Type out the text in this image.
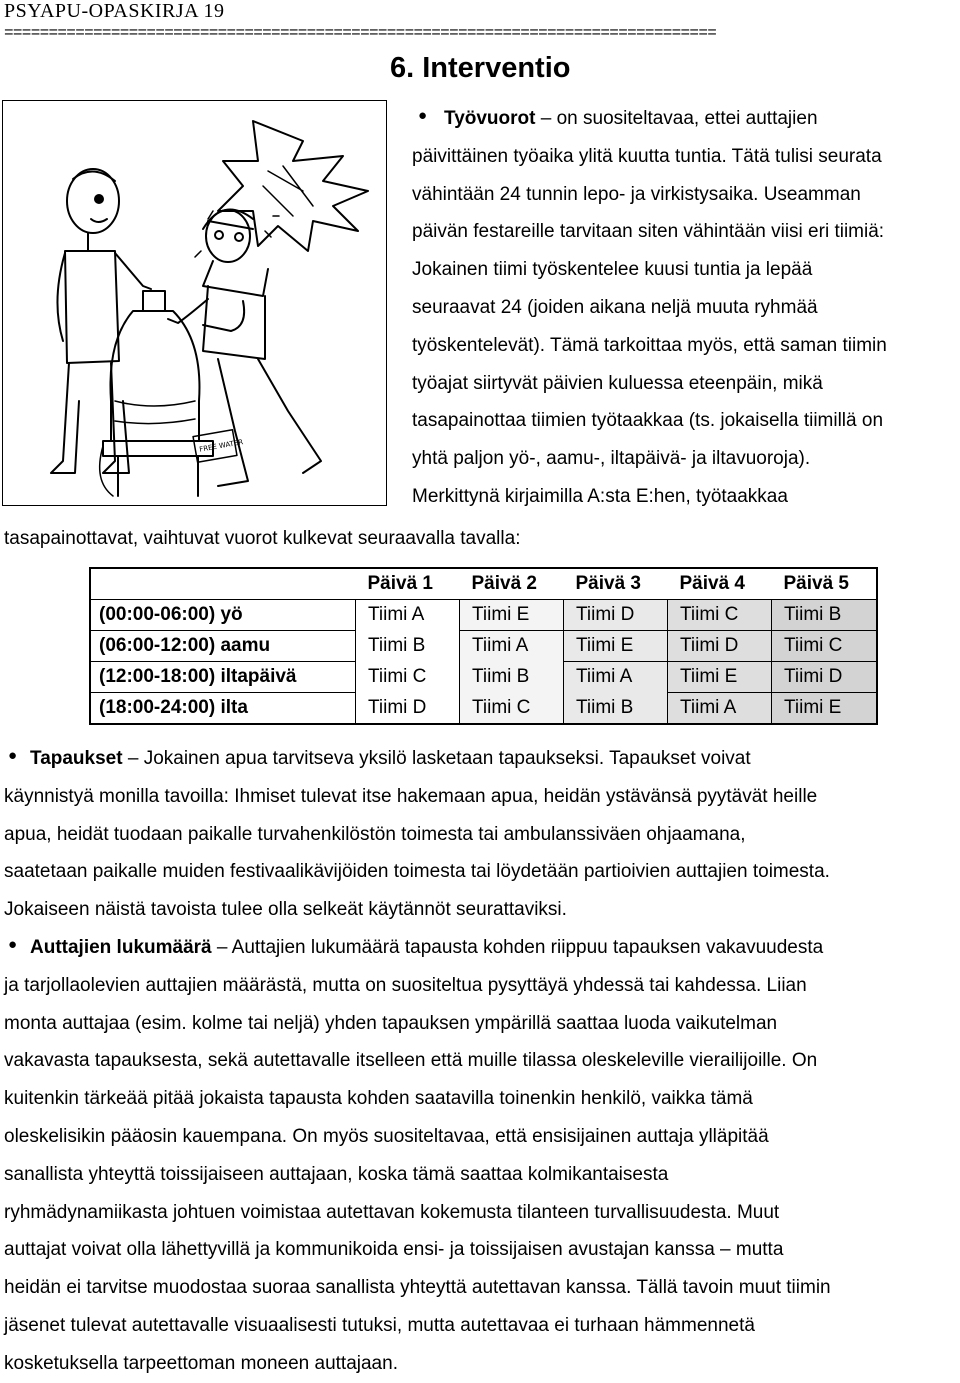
PSYAPU-OPASKIRJA 19
================================================================================
6. Interventio
FREE WATER
● Työvuorot – on suositeltavaa, ettei auttajien

päivittäinen työaika ylitä kuutta tuntia. Tätä tulisi seurata

vähintään 24 tunnin lepo- ja virkistysaika. Useamman

päivän festareille tarvitaan siten vähintään viisi eri tiimiä:

Jokainen tiimi työskentelee kuusi tuntia ja lepää

seuraavat 24 (joiden aikana neljä muuta ryhmää

työskentelevät). Tämä tarkoittaa myös, että saman tiimin

työajat siirtyvät päivien kuluessa eteenpäin, mikä

tasapainottaa tiimien työtaakkaa (ts. jokaisella tiimillä on

yhtä paljon yö-, aamu-, iltapäivä- ja iltavuoroja).

Merkittynä kirjaimilla A:sta E:hen, työtaakkaa

tasapainottavat, vaihtuvat vuorot kulkevat seuraavalla tavalla:
	Päivä 1	Päivä 2	Päivä 3	Päivä 4	Päivä 5
(00:00-06:00) yö	Tiimi A	Tiimi E	Tiimi D	Tiimi C	Tiimi B
(06:00-12:00) aamu	Tiimi B	Tiimi A	Tiimi E	Tiimi D	Tiimi C
(12:00-18:00) iltapäivä	Tiimi C	Tiimi B	Tiimi A	Tiimi E	Tiimi D
(18:00-24:00) ilta	Tiimi D	Tiimi C	Tiimi B	Tiimi A	Tiimi E
● Tapaukset – Jokainen apua tarvitseva yksilö lasketaan tapaukseksi. Tapaukset voivat

käynnistyä monilla tavoilla: Ihmiset tulevat itse hakemaan apua, heidän ystävänsä pyytävät heille

apua, heidät tuodaan paikalle turvahenkilöstön toimesta tai ambulanssiväen ohjaamana,

saatetaan paikalle muiden festivaalikävijöiden toimesta tai löydetään partioivien auttajien toimesta.

Jokaiseen näistä tavoista tulee olla selkeät käytännöt seurattaviksi.

● Auttajien lukumäärä – Auttajien lukumäärä tapausta kohden riippuu tapauksen vakavuudesta

ja tarjollaolevien auttajien määrästä, mutta on suositeltua pysyttäyä yhdessä tai kahdessa. Liian

monta auttajaa (esim. kolme tai neljä) yhden tapauksen ympärillä saattaa luoda vaikutelman

vakavasta tapauksesta, sekä autettavalle itselleen että muille tilassa oleskeleville vierailijoille. On

kuitenkin tärkeää pitää jokaista tapausta kohden saatavilla toinenkin henkilö, vaikka tämä

oleskelisikin pääosin kauempana. On myös suositeltavaa, että ensisijainen auttaja ylläpitää

sanallista yhteyttä toissijaiseen auttajaan, koska tämä saattaa kolmikantaisesta

ryhmädynamiikasta johtuen voimistaa autettavan kokemusta tilanteen turvallisuudesta. Muut

auttajat voivat olla lähettyvillä ja kommunikoida ensi- ja toissijaisen avustajan kanssa – mutta

heidän ei tarvitse muodostaa suoraa sanallista yhteyttä autettavan kanssa. Tällä tavoin muut tiimin

jäsenet tulevat autettavalle visuaalisesti tutuksi, mutta autettavaa ei turhaan hämmennetä

kosketuksella tarpeettoman moneen auttajaan.
